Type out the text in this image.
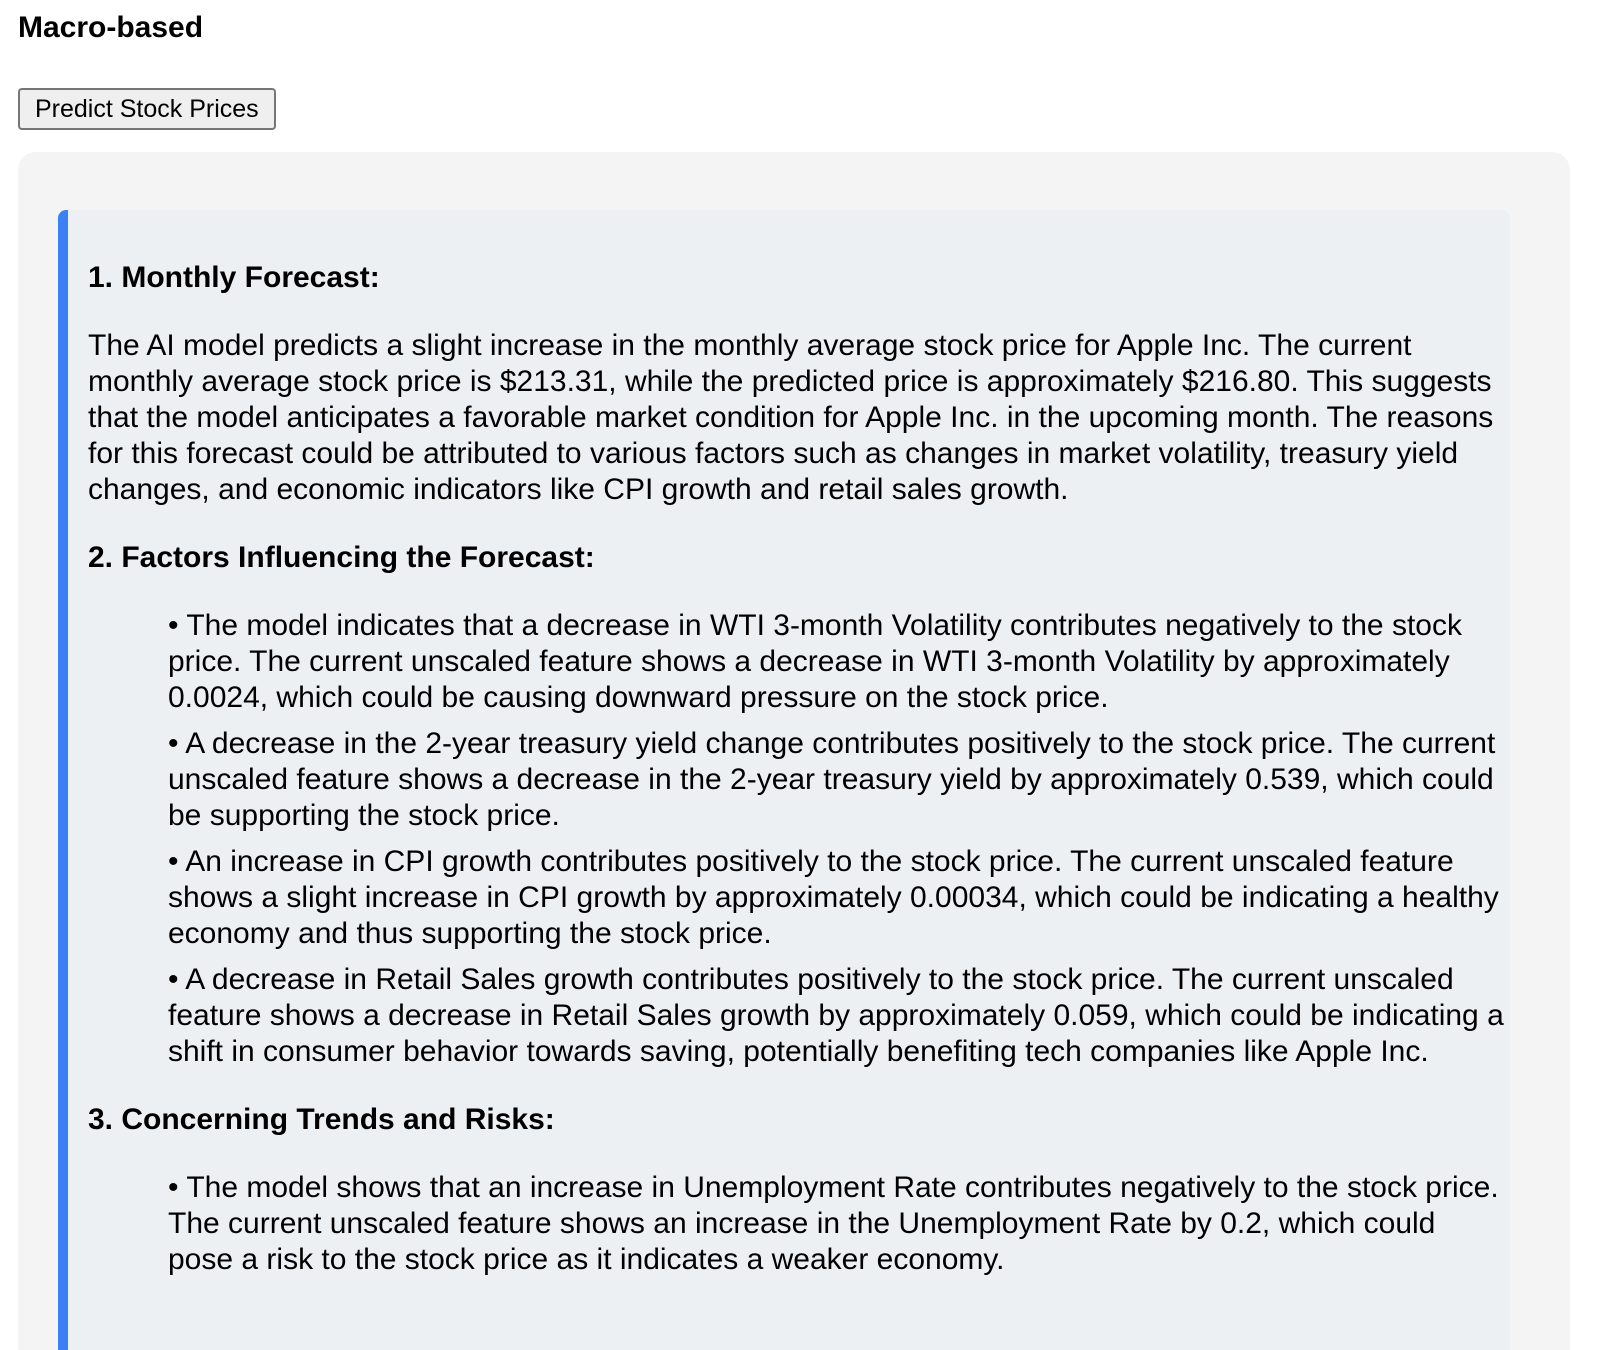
Macro-based
Predict Stock Prices
1. Monthly Forecast:

The AI model predicts a slight increase in the monthly average stock price for Apple Inc. The current monthly average stock price is $213.31, while the predicted price is approximately $216.80. This suggests that the model anticipates a favorable market condition for Apple Inc. in the upcoming month. The reasons for this forecast could be attributed to various factors such as changes in market volatility, treasury yield changes, and economic indicators like CPI growth and retail sales growth.

2. Factors Influencing the Forecast:
• The model indicates that a decrease in WTI 3-month Volatility contributes negatively to the stock price. The current unscaled feature shows a decrease in WTI 3-month Volatility by approximately 0.0024, which could be causing downward pressure on the stock price.
• A decrease in the 2-year treasury yield change contributes positively to the stock price. The current unscaled feature shows a decrease in the 2-year treasury yield by approximately 0.539, which could be supporting the stock price.
• An increase in CPI growth contributes positively to the stock price. The current unscaled feature shows a slight increase in CPI growth by approximately 0.00034, which could be indicating a healthy economy and thus supporting the stock price.
• A decrease in Retail Sales growth contributes positively to the stock price. The current unscaled feature shows a decrease in Retail Sales growth by approximately 0.059, which could be indicating a shift in consumer behavior towards saving, potentially benefiting tech companies like Apple Inc.
3. Concerning Trends and Risks:
• The model shows that an increase in Unemployment Rate contributes negatively to the stock price. The current unscaled feature shows an increase in the Unemployment Rate by 0.2, which could pose a risk to the stock price as it indicates a weaker economy.
